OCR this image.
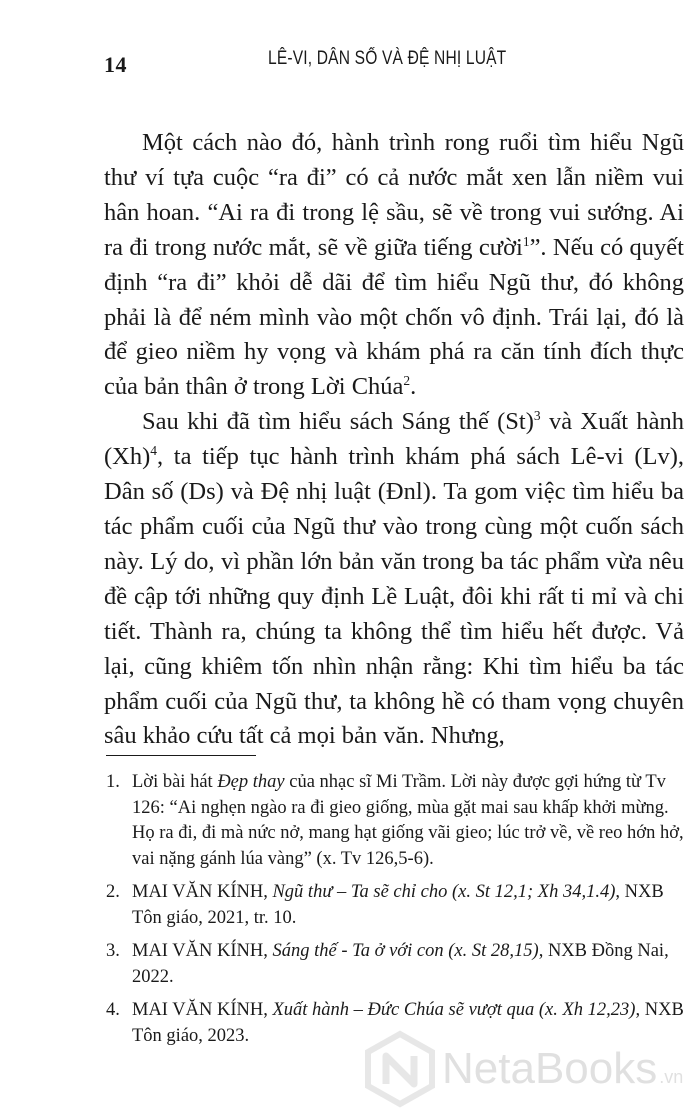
14	LÊ-VI, DÂN SỐ VÀ ĐỆ NHỊ LUẬT

Một cách nào đó, hành trình rong ruổi tìm hiểu Ngũ thư ví tựa cuộc “ra đi” có cả nước mắt xen lẫn niềm vui hân hoan. “Ai ra đi trong lệ sầu, sẽ về trong vui sướng. Ai ra đi trong nước mắt, sẽ về giữa tiếng cười$^1$”. Nếu có quyết định “ra đi” khỏi dễ dãi để tìm hiểu Ngũ thư, đó không phải là để ném mình vào một chốn vô định. Trái lại, đó là để gieo niềm hy vọng và khám phá ra căn tính đích thực của bản thân ở trong Lời Chúa$^2$.

Sau khi đã tìm hiểu sách Sáng thế $(St)^3$ và Xuất hành $(Xh)^4$, ta tiếp tục hành trình khám phá sách Lê-vi (Lv), Dân số (Ds) và Đệ nhị luật (Đnl). Ta gom việc tìm hiểu ba tác phẩm cuối của Ngũ thư vào trong cùng một cuốn sách này. Lý do, vì phần lớn bản văn trong ba tác phẩm vừa nêu đề cập tới những quy định Lề Luật, đôi khi rất ti mỉ và chi tiết. Thành ra, chúng ta không thể tìm hiểu hết được. Vả lại, cũng khiêm tốn nhìn nhận rằng: Khi tìm hiểu ba tác phẩm cuối của Ngũ thư, ta không hề có tham vọng chuyên sâu khảo cứu tất cả mọi bản văn. Nhưng,

1. Lời bài hát Đẹp thay của nhạc sĩ Mi Trầm. Lời này được gợi hứng từ Tv 126: “Ai nghẹn ngào ra đi gieo giống, mùa gặt mai sau khấp khởi mừng. Họ ra đi, đi mà nức nở, mang hạt giống vãi gieo; lúc trở về, về reo hớn hở, vai nặng gánh lúa vàng” (x. Tv 126,5-6).
2. MAI VĂN KÍNH, Ngũ thư – Ta sẽ chỉ cho (x. St 12,1; Xh 34,1.4), NXB Tôn giáo, 2021, tr. 10.
3. MAI VĂN KÍNH, Sáng thế - Ta ở với con (x. St 28,15), NXB Đồng Nai, 2022.
4. MAI VĂN KÍNH, Xuất hành – Đức Chúa sẽ vượt qua (x. Xh 12,23), NXB Tôn giáo, 2023.
NetaBooks .vn
